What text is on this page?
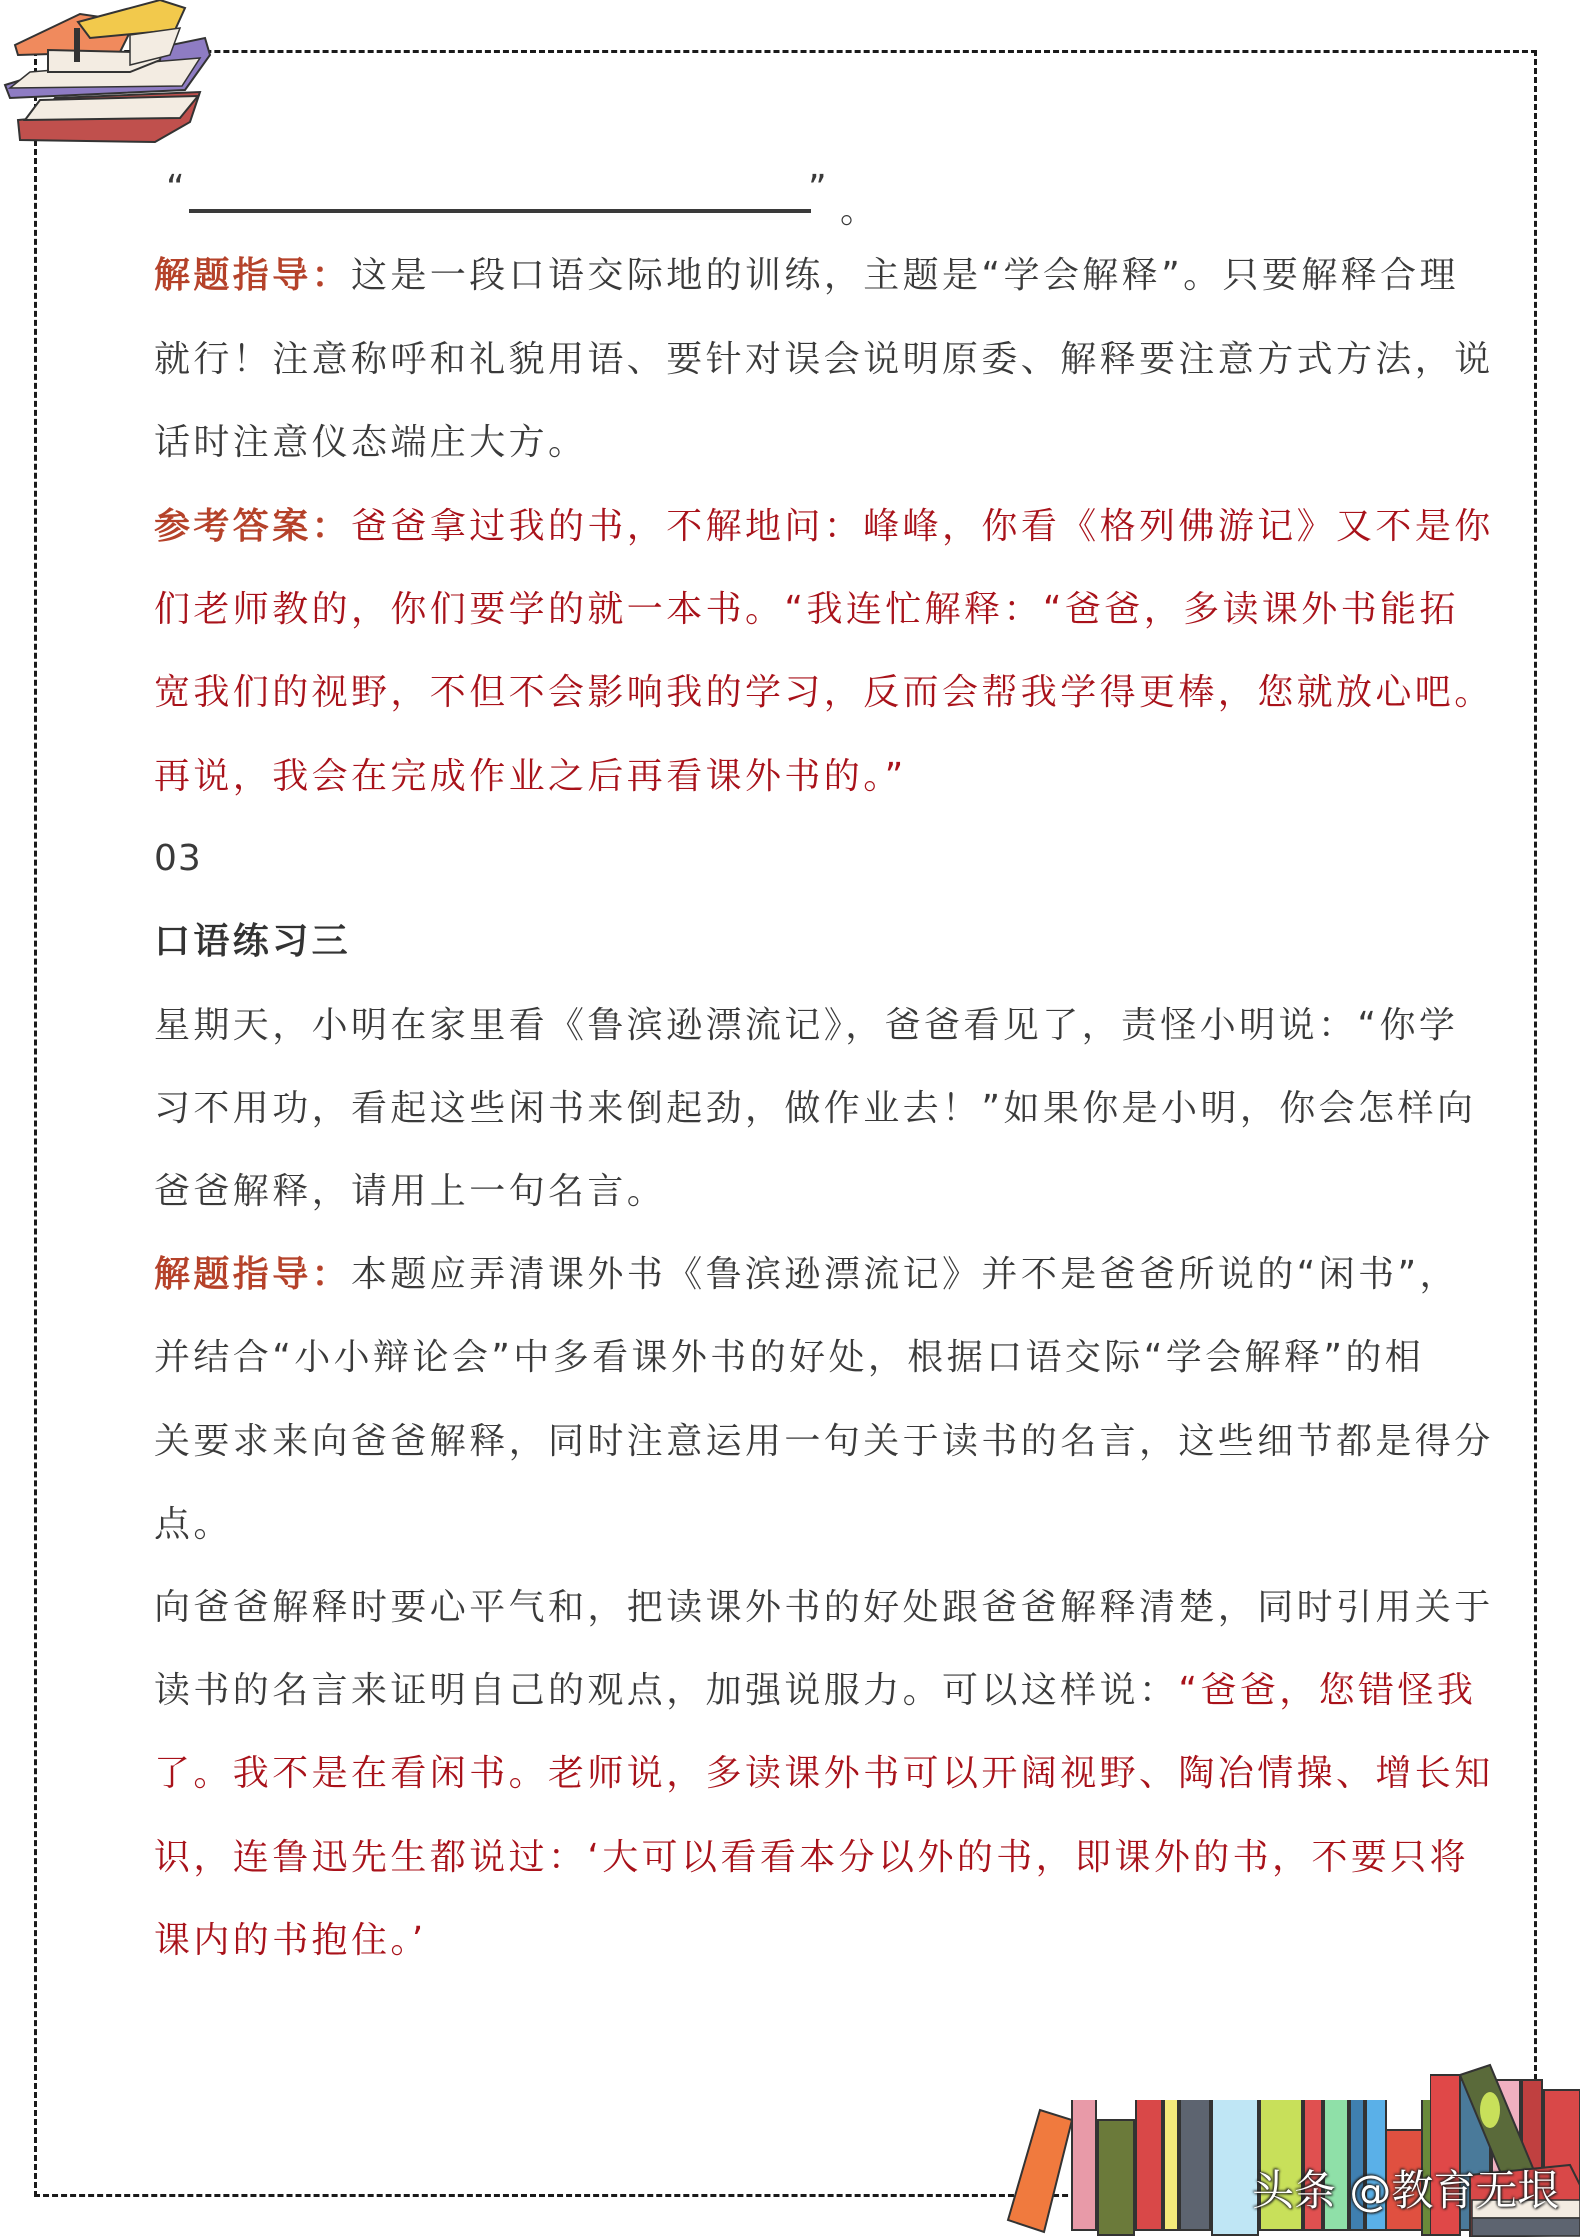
“	”
。
解题指导：这是一段口语交际地的训练，主题是“学会解释”。只要解释合理
就行！注意称呼和礼貌用语、要针对误会说明原委、解释要注意方式方法，说
话时注意仪态端庄大方。
参考答案：爸爸拿过我的书，不解地问：峰峰，你看《格列佛游记》又不是你
们老师教的，你们要学的就一本书。“我连忙解释：“爸爸，多读课外书能拓
宽我们的视野，不但不会影响我的学习，反而会帮我学得更棒，您就放心吧。
再说，我会在完成作业之后再看课外书的。”
03
口语练习三
星期天，小明在家里看《鲁滨逊漂流记》，爸爸看见了，责怪小明说：“你学
习不用功，看起这些闲书来倒起劲，做作业去！”如果你是小明，你会怎样向
爸爸解释，请用上一句名言。
解题指导：本题应弄清课外书《鲁滨逊漂流记》并不是爸爸所说的“闲书”，
并结合“小小辩论会”中多看课外书的好处，根据口语交际“学会解释”的相
关要求来向爸爸解释，同时注意运用一句关于读书的名言，这些细节都是得分
点。
向爸爸解释时要心平气和，把读课外书的好处跟爸爸解释清楚，同时引用关于
读书的名言来证明自己的观点，加强说服力。可以这样说：“爸爸，您错怪我
了。我不是在看闲书。老师说，多读课外书可以开阔视野、陶冶情操、增长知
识，连鲁迅先生都说过：‘大可以看看本分以外的书，即课外的书，不要只将
课内的书抱住。’
头条 @教育无垠
